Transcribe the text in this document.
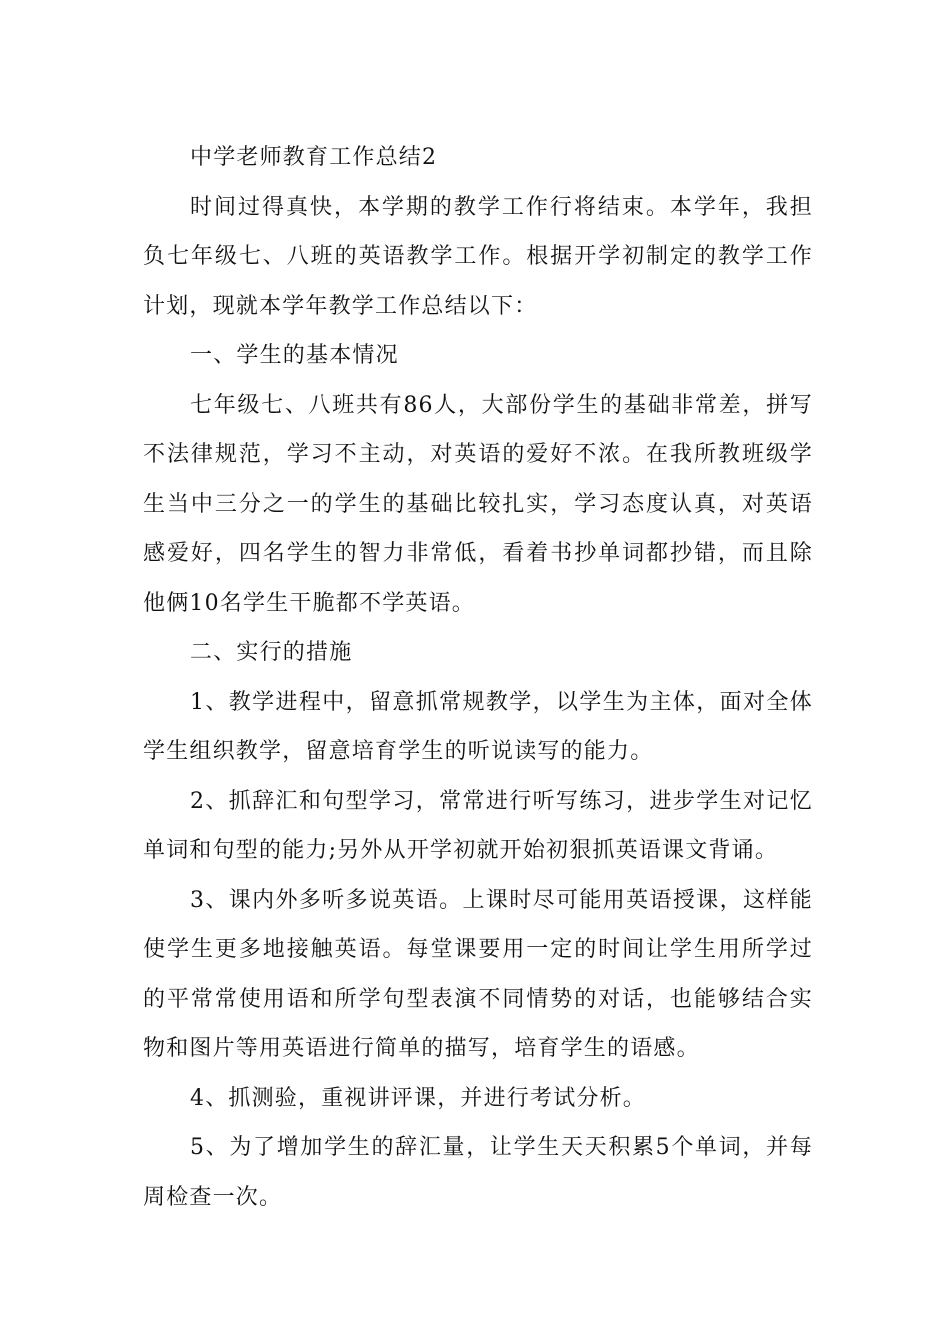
中学老师教育工作总结2

时间过得真快，本学期的教学工作行将结束。本学年，我担负七年级七、八班的英语教学工作。根据开学初制定的教学工作计划，现就本学年教学工作总结以下：

一、学生的基本情况

七年级七、八班共有86人，大部份学生的基础非常差，拼写不法律规范，学习不主动，对英语的爱好不浓。在我所教班级学生当中三分之一的学生的基础比较扎实，学习态度认真，对英语感爱好，四名学生的智力非常低，看着书抄单词都抄错，而且除他俩10名学生干脆都不学英语。

二、实行的措施

1、教学进程中，留意抓常规教学，以学生为主体，面对全体学生组织教学，留意培育学生的听说读写的能力。

2、抓辞汇和句型学习，常常进行听写练习，进步学生对记忆单词和句型的能力;另外从开学初就开始初狠抓英语课文背诵。

3、课内外多听多说英语。上课时尽可能用英语授课，这样能使学生更多地接触英语。每堂课要用一定的时间让学生用所学过的平常常使用语和所学句型表演不同情势的对话，也能够结合实物和图片等用英语进行简单的描写，培育学生的语感。

4、抓测验，重视讲评课，并进行考试分析。

5、为了增加学生的辞汇量，让学生天天积累5个单词，并每周检查一次。
